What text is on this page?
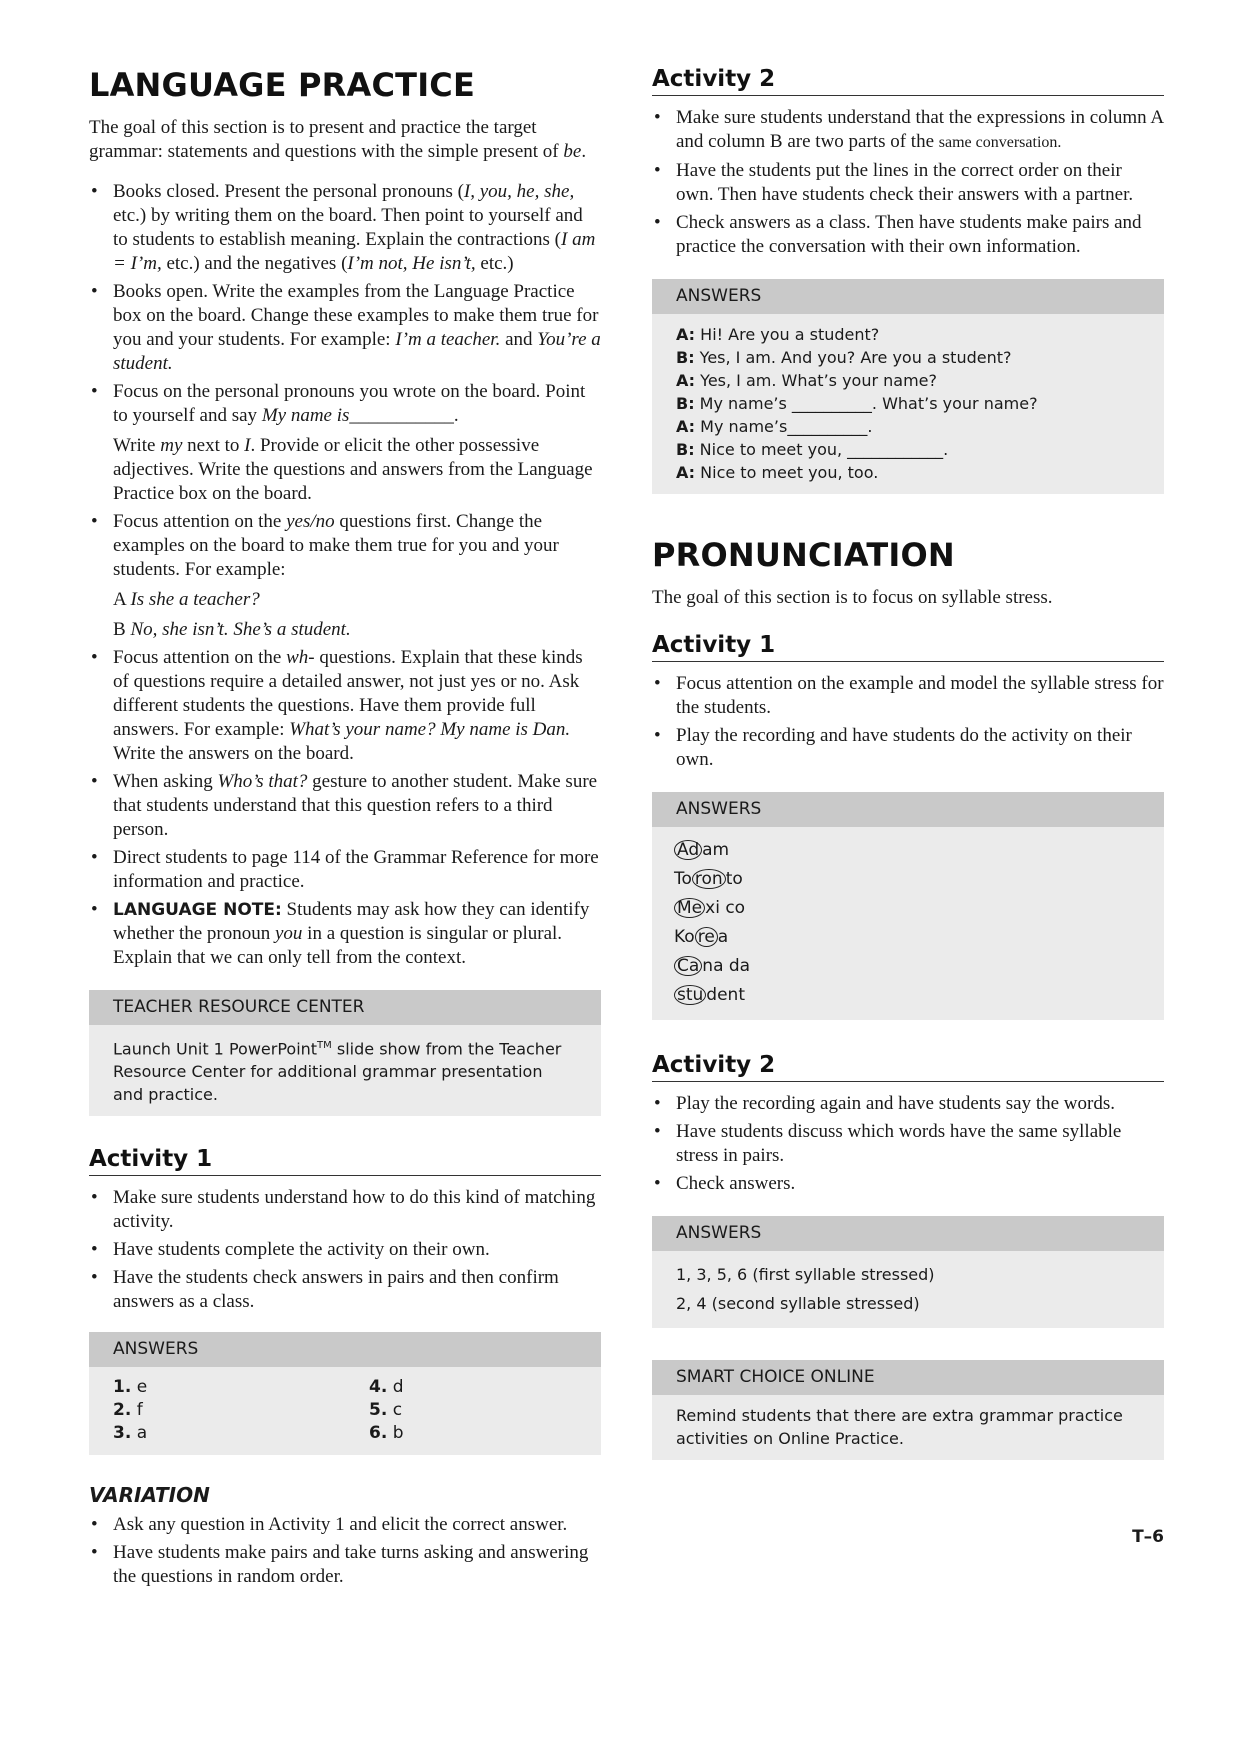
LANGUAGE PRACTICE

The goal of this section is to present and practice the target grammar: statements and questions with the simple present of be.

• Books closed. Present the personal pronouns (I, you, he, she, etc.) by writing them on the board. Then point to yourself and to students to establish meaning. Explain the contractions (I am = I’m, etc.) and the negatives (I’m not, He isn’t, etc.)
• Books open. Write the examples from the Language Practice box on the board. Change these examples to make them true for you and your students. For example: I’m a teacher. and You’re a student.
• Focus on the personal pronouns you wrote on the board. Point to yourself and say My name is___________.
Write my next to I. Provide or elicit the other possessive adjectives. Write the questions and answers from the Language Practice box on the board.
• Focus attention on the yes/no questions first. Change the examples on the board to make them true for you and your students. For example:
A Is she a teacher?
B No, she isn’t. She’s a student.
• Focus attention on the wh- questions. Explain that these kinds of questions require a detailed answer, not just yes or no. Ask different students the questions. Have them provide full answers. For example: What’s your name? My name is Dan. Write the answers on the board.
• When asking Who’s that? gesture to another student. Make sure that students understand that this question refers to a third person.
• Direct students to page 114 of the Grammar Reference for more information and practice.
• LANGUAGE NOTE: Students may ask how they can identify whether the pronoun you in a question is singular or plural. Explain that we can only tell from the context.
TEACHER RESOURCE CENTER
Launch Unit 1 PowerPoint™ slide show from the Teacher Resource Center for additional grammar presentation and practice.
Activity 1
• Make sure students understand how to do this kind of matching activity.
• Have students complete the activity on their own.
• Have the students check answers in pairs and then confirm answers as a class.
ANSWERS
1. e	4. d
2. f	5. c
3. a	6. b
VARIATION
• Ask any question in Activity 1 and elicit the correct answer.
• Have students make pairs and take turns asking and answering the questions in random order.
Activity 2
• Make sure students understand that the expressions in column A and column B are two parts of the same conversation.
• Have the students put the lines in the correct order on their own. Then have students check their answers with a partner.
• Check answers as a class. Then have students make pairs and practice the conversation with their own information.
ANSWERS
A: Hi! Are you a student?
B: Yes, I am. And you? Are you a student?
A: Yes, I am. What’s your name?
B: My name’s __________. What’s your name?
A: My name’s__________.
B: Nice to meet you, ____________.
A: Nice to meet you, too.
PRONUNCIATION

The goal of this section is to focus on syllable stress.

Activity 1
• Focus attention on the example and model the syllable stress for the students.
• Play the recording and have students do the activity on their own.
ANSWERS
Ad am
To ron to
Me xi co
Ko re a
Ca na da
stu dent
Activity 2
• Play the recording again and have students say the words.
• Have students discuss which words have the same syllable stress in pairs.
• Check answers.
ANSWERS
1, 3, 5, 6 (first syllable stressed)
2, 4 (second syllable stressed)
SMART CHOICE ONLINE
Remind students that there are extra grammar practice activities on Online Practice.
T–6
